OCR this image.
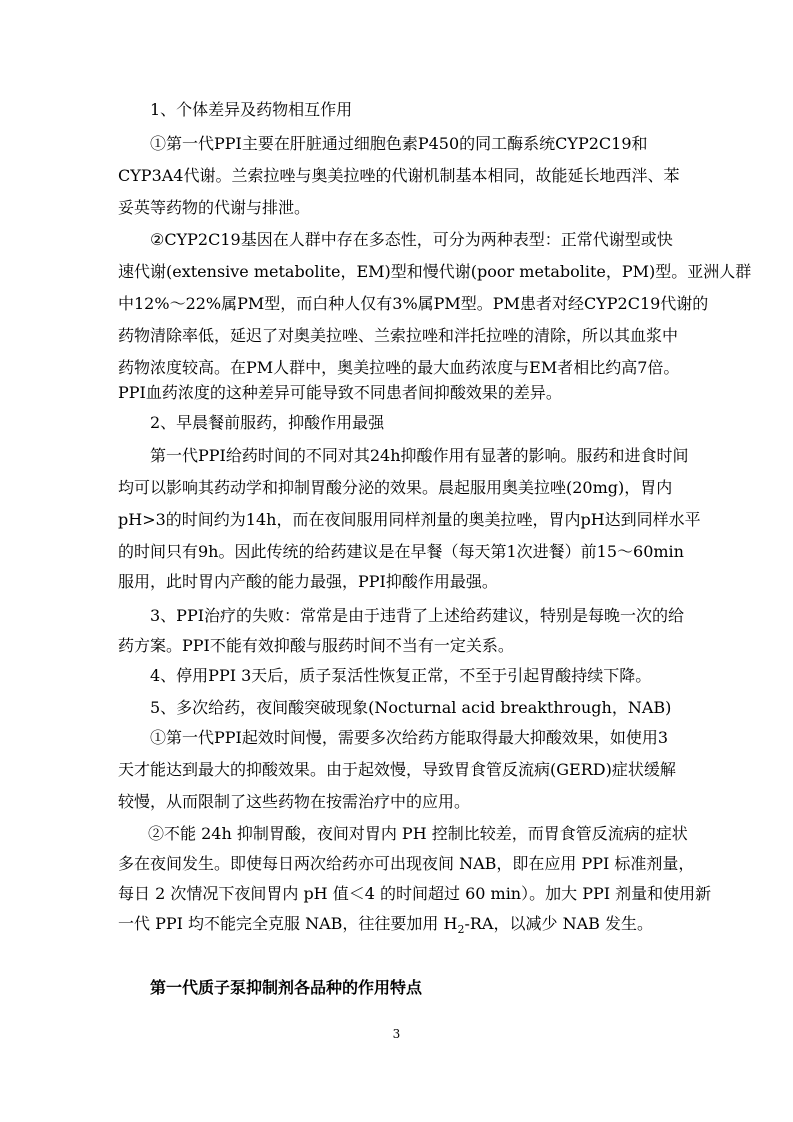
1、个体差异及药物相互作用
①第一代PPI主要在肝脏通过细胞色素P450的同工酶系统CYP2C19和
CYP3A4代谢。兰索拉唑与奥美拉唑的代谢机制基本相同，故能延长地西泮、苯
妥英等药物的代谢与排泄。
②CYP2C19基因在人群中存在多态性，可分为两种表型：正常代谢型或快
速代谢(extensive metabolite，EM)型和慢代谢(poor metabolite，PM)型。亚洲人群
中12%～22%属PM型，而白种人仅有3%属PM型。PM患者对经CYP2C19代谢的
药物清除率低，延迟了对奥美拉唑、兰索拉唑和泮托拉唑的清除，所以其血浆中
药物浓度较高。在PM人群中，奥美拉唑的最大血药浓度与EM者相比约高7倍。
PPI血药浓度的这种差异可能导致不同患者间抑酸效果的差异。
2、早晨餐前服药，抑酸作用最强
第一代PPI给药时间的不同对其24h抑酸作用有显著的影响。服药和进食时间
均可以影响其药动学和抑制胃酸分泌的效果。晨起服用奥美拉唑(20mg)，胃内
pH>3的时间约为14h，而在夜间服用同样剂量的奥美拉唑，胃内pH达到同样水平
的时间只有9h。因此传统的给药建议是在早餐（每天第1次进餐）前15～60min
服用，此时胃内产酸的能力最强，PPI抑酸作用最强。
3、PPI治疗的失败：常常是由于违背了上述给药建议，特别是每晚一次的给
药方案。PPI不能有效抑酸与服药时间不当有一定关系。
4、停用PPI 3天后，质子泵活性恢复正常，不至于引起胃酸持续下降。
5、多次给药，夜间酸突破现象(Nocturnal acid breakthrough，NAB)
①第一代PPI起效时间慢，需要多次给药方能取得最大抑酸效果，如使用3
天才能达到最大的抑酸效果。由于起效慢，导致胃食管反流病(GERD)症状缓解
较慢，从而限制了这些药物在按需治疗中的应用。
②不能 24h 抑制胃酸，夜间对胃内 PH 控制比较差，而胃食管反流病的症状
多在夜间发生。即使每日两次给药亦可出现夜间 NAB，即在应用 PPI 标准剂量，
每日 2 次情况下夜间胃内 pH 值＜4 的时间超过 60 min）。加大 PPI 剂量和使用新
一代 PPI 均不能完全克服 NAB，往往要加用 $H_2-RA$，以减少 NAB 发生。
第一代质子泵抑制剂各品种的作用特点
3
